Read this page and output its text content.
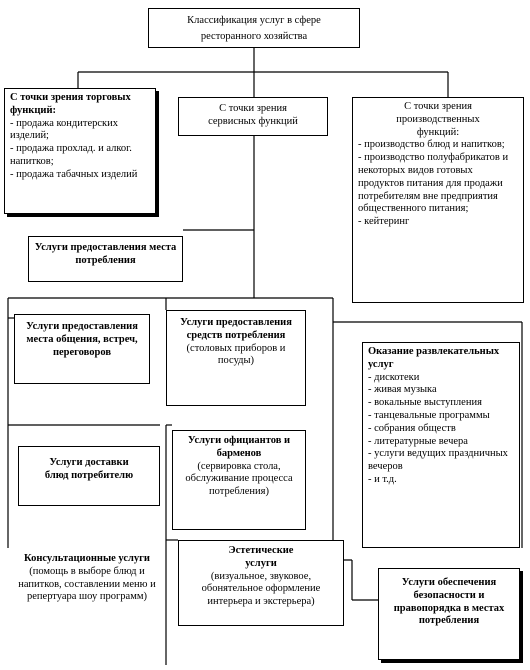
Классификация услуг в сфере

ресторанного хозяйства

С точки зрения торговых функций:

- продажа кондитерских изделий;

- продажа прохлад. и алког. напитков;

- продажа табачных изделий

С точки зрения сервисных функций

С точки зрения производственных функций:

- производство блюд и напитков;

- производство полуфабрикатов и некоторых видов готовых продуктов питания для продажи потребителям вне предприятия общественного питания;

- кейтеринг

Услуги предоставления места потребления

Услуги предоставления места общения, встреч, переговоров

Услуги предоставления средств потребления

(столовых приборов и посуды)

Оказание развлекательных услуг

- дискотеки

- живая музыка

- вокальные выступления

- танцевальные программы

- собрания обществ

- литературные вечера

- услуги ведущих праздничных вечеров

- и т.д.

Услуги доставки блюд потребителю

Услуги официантов и барменов

(сервировка стола, обслуживание процесса потребления)

Консультационные услуги

(помощь в выборе блюд и напитков, составлении меню и репертуара шоу программ)

Эстетические услуги

(визуальное, звуковое, обонятельное оформление интерьера и экстерьера)

Услуги обеспечения безопасности и правопорядка в местах потребления
